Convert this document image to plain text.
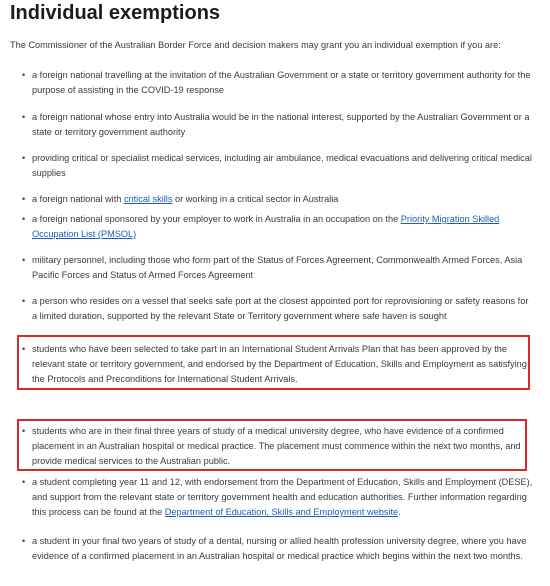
Individual exemptions

The Commissioner of the Australian Border Force and decision makers may grant you an individual exemption if you are:

• a foreign national travelling at the invitation of the Australian Government or a state or territory government authority for the purpose of assisting in the COVID-19 response
• a foreign national whose entry into Australia would be in the national interest, supported by the Australian Government or a state or territory government authority
• providing critical or specialist medical services, including air ambulance, medical evacuations and delivering critical medical supplies
• a foreign national with critical skills or working in a critical sector in Australia
• a foreign national sponsored by your employer to work in Australia in an occupation on the Priority Migration Skilled Occupation List (PMSOL)
• military personnel, including those who form part of the Status of Forces Agreement, Commonwealth Armed Forces, Asia Pacific Forces and Status of Armed Forces Agreement
• a person who resides on a vessel that seeks safe port at the closest appointed port for reprovisioning or safety reasons for a limited duration, supported by the relevant State or Territory government where safe haven is sought
• students who have been selected to take part in an International Student Arrivals Plan that has been approved by the relevant state or territory government, and endorsed by the Department of Education, Skills and Employment as satisfying the Protocols and Preconditions for International Student Arrivals.
• students who are in their final three years of study of a medical university degree, who have evidence of a confirmed placement in an Australian hospital or medical practice. The placement must commence within the next two months, and provide medical services to the Australian public.
• a student completing year 11 and 12, with endorsement from the Department of Education, Skills and Employment (DESE), and support from the relevant state or territory government health and education authorities. Further information regarding this process can be found at the Department of Education, Skills and Employment website.
• a student in your final two years of study of a dental, nursing or allied health profession university degree, where you have evidence of a confirmed placement in an Australian hospital or medical practice which begins within the next two months.
